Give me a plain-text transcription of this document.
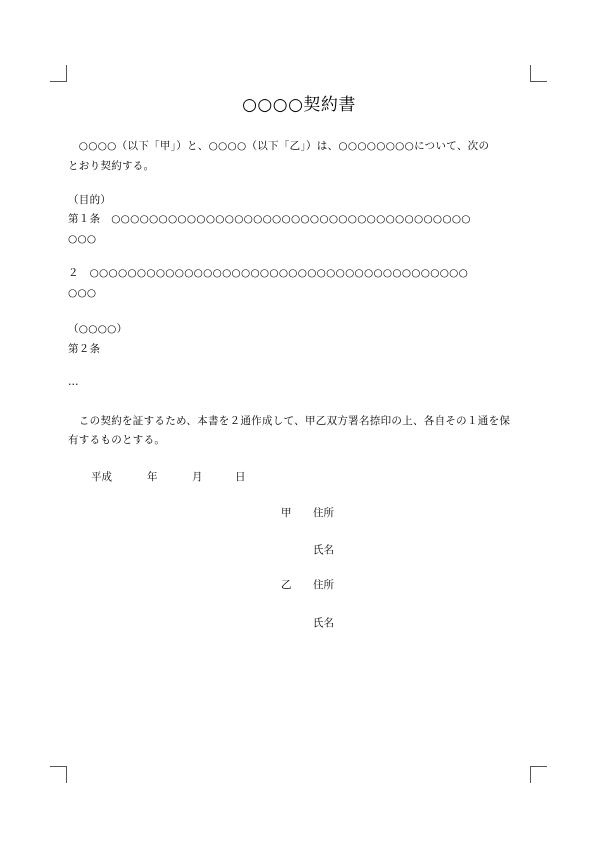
○○○○契約書
　○○○○（以下「甲」）と、○○○○（以下「乙」）は、○○○○○○○○について、次の
とおり契約する。
（目的）
第１条　○○○○○○○○○○○○○○○○○○○○○○○○○○○○○○○○○○○○○○
○○○
２　○○○○○○○○○○○○○○○○○○○○○○○○○○○○○○○○○○○○○○○○
○○○
（○○○○）
第２条
…
　この契約を証するため、本書を２通作成して、甲乙双方署名捺印の上、各自その１通を保
有するものとする。
平成	年	月	日
甲 住所
氏名
乙 住所
氏名
